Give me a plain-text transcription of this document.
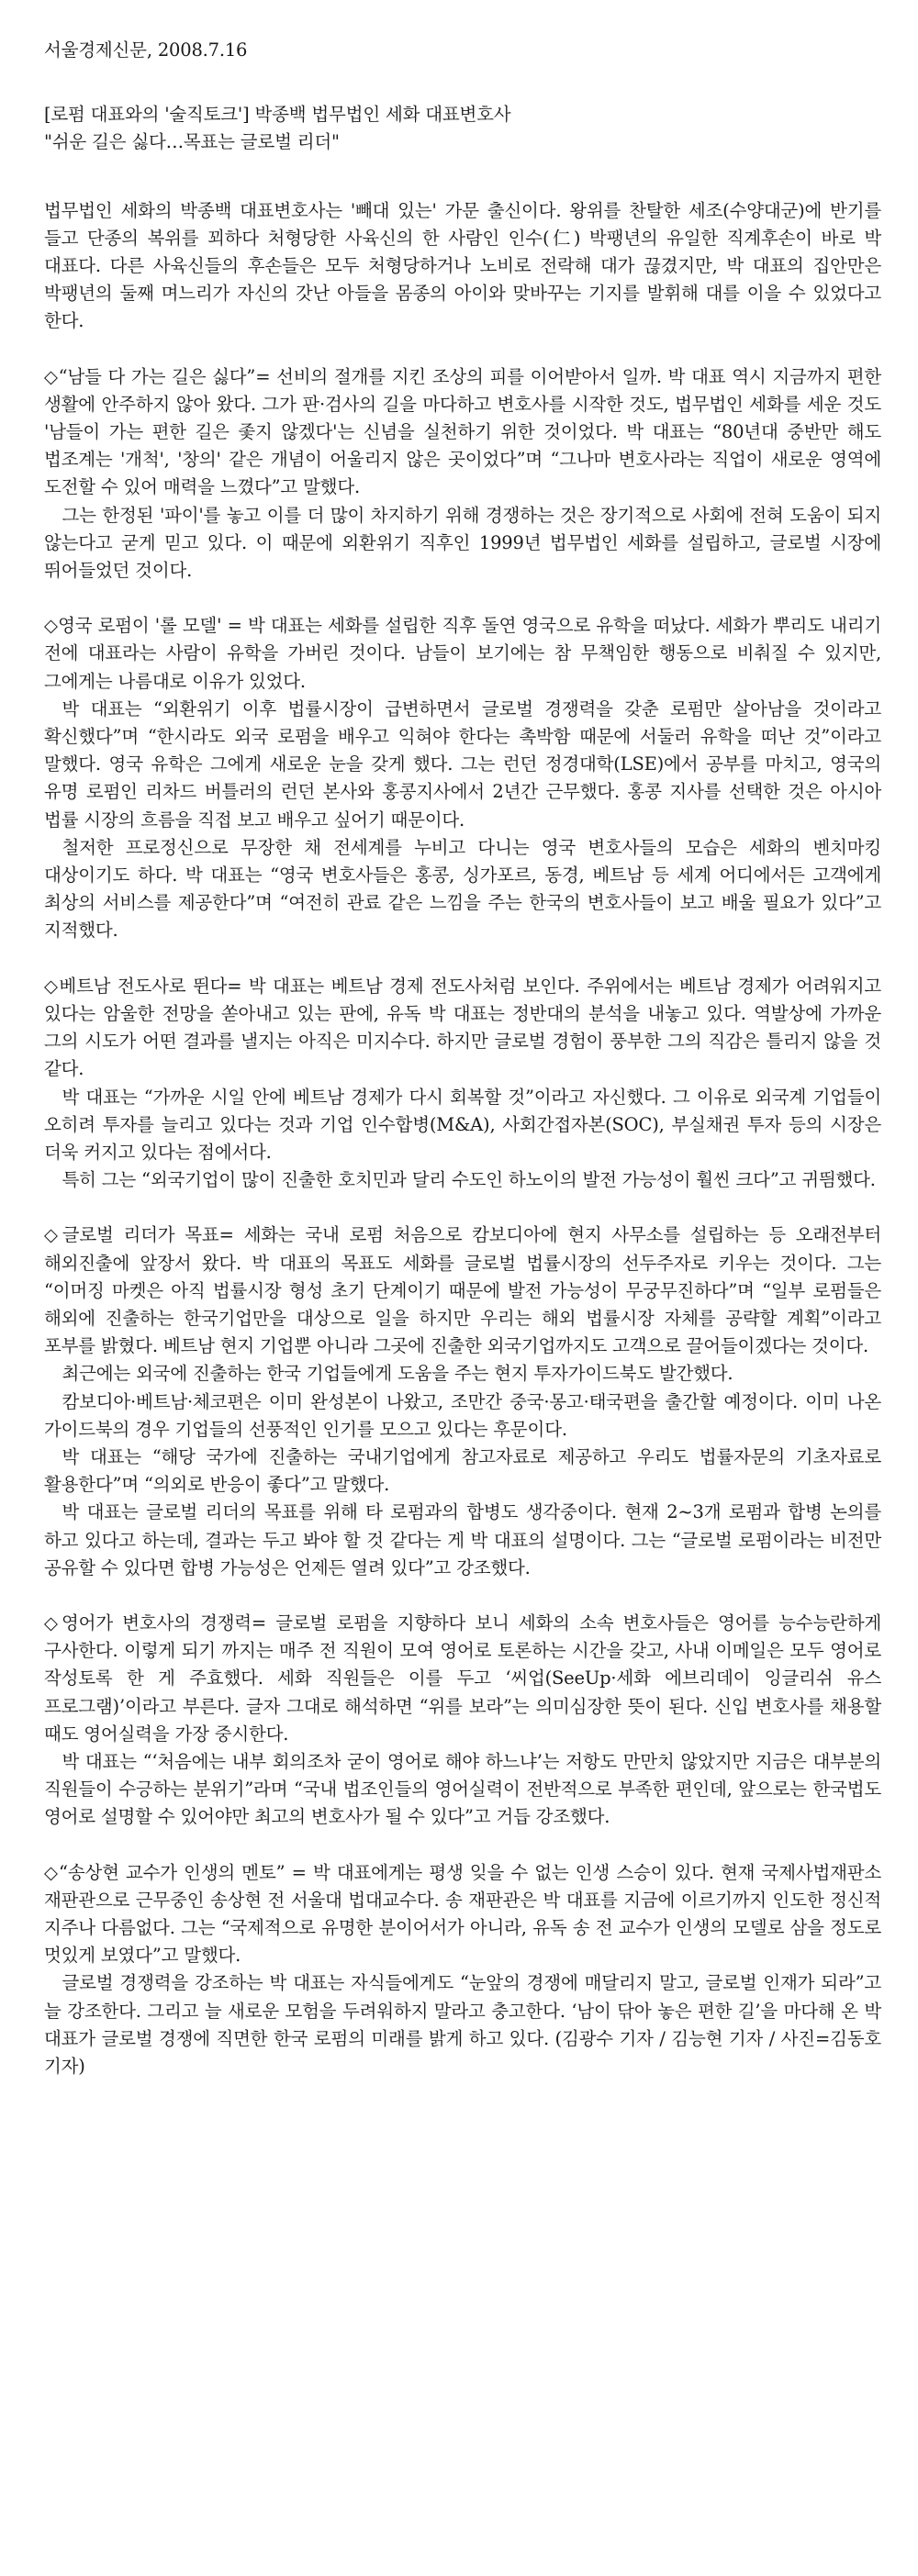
서울경제신문, 2008.7.16

[로펌 대표와의 '술직토크'] 박종백 법무법인 세화 대표변호사

"쉬운 길은 싫다…목표는 글로벌 리더"

법무법인 세화의 박종백 대표변호사는 '빼대 있는' 가문 출신이다. 왕위를 찬탈한 세조(수양대군)에 반기를 들고 단종의 복위를 꾀하다 처형당한 사육신의 한 사람인 인수(仁) 박팽년의 유일한 직계후손이 바로 박 대표다. 다른 사육신들의 후손들은 모두 처형당하거나 노비로 전락해 대가 끊겼지만, 박 대표의 집안만은 박팽년의 둘째 며느리가 자신의 갓난 아들을 몸종의 아이와 맞바꾸는 기지를 발휘해 대를 이을 수 있었다고 한다.

◇“남들 다 가는 길은 싫다”= 선비의 절개를 지킨 조상의 피를 이어받아서 일까. 박 대표 역시 지금까지 편한 생활에 안주하지 않아 왔다. 그가 판·검사의 길을 마다하고 변호사를 시작한 것도, 법무법인 세화를 세운 것도 '남들이 가는 편한 길은 좇지 않겠다'는 신념을 실천하기 위한 것이었다. 박 대표는 “80년대 중반만 해도 법조계는 '개척', '창의' 같은 개념이 어울리지 않은 곳이었다”며 “그나마 변호사라는 직업이 새로운 영역에 도전할 수 있어 매력을 느꼈다”고 말했다.

그는 한정된 '파이'를 놓고 이를 더 많이 차지하기 위해 경쟁하는 것은 장기적으로 사회에 전혀 도움이 되지 않는다고 굳게 믿고 있다. 이 때문에 외환위기 직후인 1999년 법무법인 세화를 설립하고, 글로벌 시장에 뛰어들었던 것이다.

◇영국 로펌이 '롤 모델' = 박 대표는 세화를 설립한 직후 돌연 영국으로 유학을 떠났다. 세화가 뿌리도 내리기 전에 대표라는 사람이 유학을 가버린 것이다. 남들이 보기에는 참 무책임한 행동으로 비춰질 수 있지만, 그에게는 나름대로 이유가 있었다.

박 대표는 “외환위기 이후 법률시장이 급변하면서 글로벌 경쟁력을 갖춘 로펌만 살아남을 것이라고 확신했다”며 “한시라도 외국 로펌을 배우고 익혀야 한다는 촉박함 때문에 서둘러 유학을 떠난 것”이라고 말했다. 영국 유학은 그에게 새로운 눈을 갖게 했다. 그는 런던 정경대학(LSE)에서 공부를 마치고, 영국의 유명 로펌인 리차드 버틀러의 런던 본사와 홍콩지사에서 2년간 근무했다. 홍콩 지사를 선택한 것은 아시아 법률 시장의 흐름을 직접 보고 배우고 싶어기 때문이다.

철저한 프로정신으로 무장한 채 전세계를 누비고 다니는 영국 변호사들의 모습은 세화의 벤치마킹 대상이기도 하다. 박 대표는 “영국 변호사들은 홍콩, 싱가포르, 동경, 베트남 등 세계 어디에서든 고객에게 최상의 서비스를 제공한다”며 “여전히 관료 같은 느낌을 주는 한국의 변호사들이 보고 배울 필요가 있다”고 지적했다.

◇베트남 전도사로 뛴다= 박 대표는 베트남 경제 전도사처럼 보인다. 주위에서는 베트남 경제가 어려워지고 있다는 암울한 전망을 쏟아내고 있는 판에, 유독 박 대표는 정반대의 분석을 내놓고 있다. 역발상에 가까운 그의 시도가 어떤 결과를 낼지는 아직은 미지수다. 하지만 글로벌 경험이 풍부한 그의 직감은 틀리지 않을 것 같다.

박 대표는 “가까운 시일 안에 베트남 경제가 다시 회복할 것”이라고 자신했다. 그 이유로 외국계 기업들이 오히려 투자를 늘리고 있다는 것과 기업 인수합병(M&A), 사회간접자본(SOC), 부실채권 투자 등의 시장은 더욱 커지고 있다는 점에서다.

특히 그는 “외국기업이 많이 진출한 호치민과 달리 수도인 하노이의 발전 가능성이 훨씬 크다”고 귀띔했다.

◇글로벌 리더가 목표= 세화는 국내 로펌 처음으로 캄보디아에 현지 사무소를 설립하는 등 오래전부터 해외진출에 앞장서 왔다. 박 대표의 목표도 세화를 글로벌 법률시장의 선두주자로 키우는 것이다. 그는 “이머징 마켓은 아직 법률시장 형성 초기 단계이기 때문에 발전 가능성이 무궁무진하다”며 “일부 로펌들은 해외에 진출하는 한국기업만을 대상으로 일을 하지만 우리는 해외 법률시장 자체를 공략할 계획”이라고 포부를 밝혔다. 베트남 현지 기업뿐 아니라 그곳에 진출한 외국기업까지도 고객으로 끌어들이겠다는 것이다.

최근에는 외국에 진출하는 한국 기업들에게 도움을 주는 현지 투자가이드북도 발간했다.

캄보디아·베트남·체코편은 이미 완성본이 나왔고, 조만간 중국·몽고·태국편을 출간할 예정이다. 이미 나온 가이드북의 경우 기업들의 선풍적인 인기를 모으고 있다는 후문이다.

박 대표는 “해당 국가에 진출하는 국내기업에게 참고자료로 제공하고 우리도 법률자문의 기초자료로 활용한다”며 “의외로 반응이 좋다”고 말했다.

박 대표는 글로벌 리더의 목표를 위해 타 로펌과의 합병도 생각중이다. 현재 2~3개 로펌과 합병 논의를 하고 있다고 하는데, 결과는 두고 봐야 할 것 같다는 게 박 대표의 설명이다. 그는 “글로벌 로펌이라는 비전만 공유할 수 있다면 합병 가능성은 언제든 열려 있다”고 강조했다.

◇영어가 변호사의 경쟁력= 글로벌 로펌을 지향하다 보니 세화의 소속 변호사들은 영어를 능수능란하게 구사한다. 이렇게 되기 까지는 매주 전 직원이 모여 영어로 토론하는 시간을 갖고, 사내 이메일은 모두 영어로 작성토록 한 게 주효했다. 세화 직원들은 이를 두고 ‘씨업(SeeUp·세화 에브리데이 잉글리쉬 유스 프로그램)’이라고 부른다. 글자 그대로 해석하면 “위를 보라”는 의미심장한 뜻이 된다. 신입 변호사를 채용할 때도 영어실력을 가장 중시한다.

박 대표는 “‘처음에는 내부 회의조차 굳이 영어로 해야 하느냐’는 저항도 만만치 않았지만 지금은 대부분의 직원들이 수긍하는 분위기”라며 “국내 법조인들의 영어실력이 전반적으로 부족한 편인데, 앞으로는 한국법도 영어로 설명할 수 있어야만 최고의 변호사가 될 수 있다”고 거듭 강조했다.

◇“송상현 교수가 인생의 멘토” = 박 대표에게는 평생 잊을 수 없는 인생 스승이 있다. 현재 국제사법재판소 재판관으로 근무중인 송상현 전 서울대 법대교수다. 송 재판관은 박 대표를 지금에 이르기까지 인도한 정신적 지주나 다름없다. 그는 “국제적으로 유명한 분이어서가 아니라, 유독 송 전 교수가 인생의 모델로 삼을 정도로 멋있게 보였다”고 말했다.

글로벌 경쟁력을 강조하는 박 대표는 자식들에게도 “눈앞의 경쟁에 매달리지 말고, 글로벌 인재가 되라”고 늘 강조한다. 그리고 늘 새로운 모험을 두려워하지 말라고 충고한다. ‘남이 닦아 놓은 편한 길’을 마다해 온 박 대표가 글로벌 경쟁에 직면한 한국 로펌의 미래를 밝게 하고 있다. (김광수 기자 / 김능현 기자 / 사진=김동호 기자)
